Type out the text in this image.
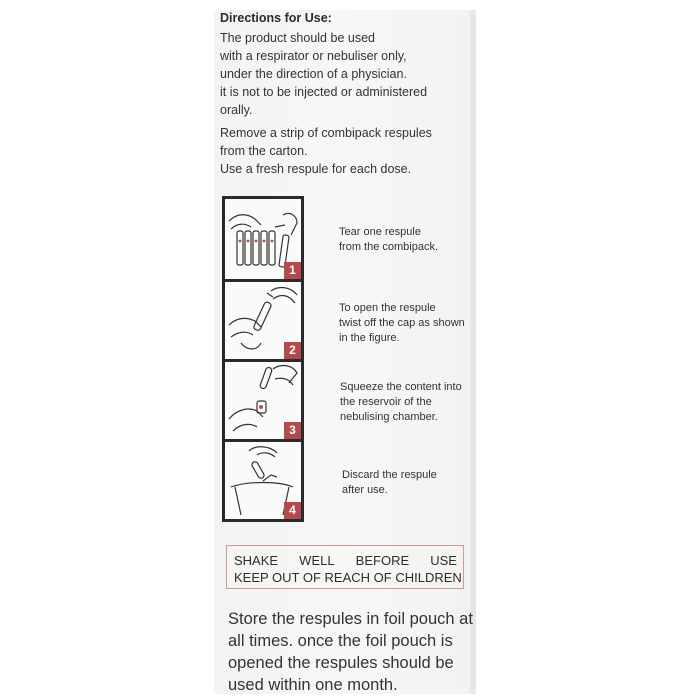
Directions for Use:
The product should be used
with a respirator or nebuliser only,
under the direction of a physician.
it is not to be injected or administered
orally.
Remove a strip of combipack respules
from the carton.
Use a fresh respule for each dose.
1
2
3
4
Tear one respule
from the combipack.
To open the respule
twist off the cap as shown
in the figure.
Squeeze the content into
the reservoir of the
nebulising chamber.
Discard the respule
after use.
SHAKE WELL BEFORE USE
KEEP OUT OF REACH OF CHILDREN
Store the respules in foil pouch at
all times. once the foil pouch is
opened the respules should be
used within one month.
